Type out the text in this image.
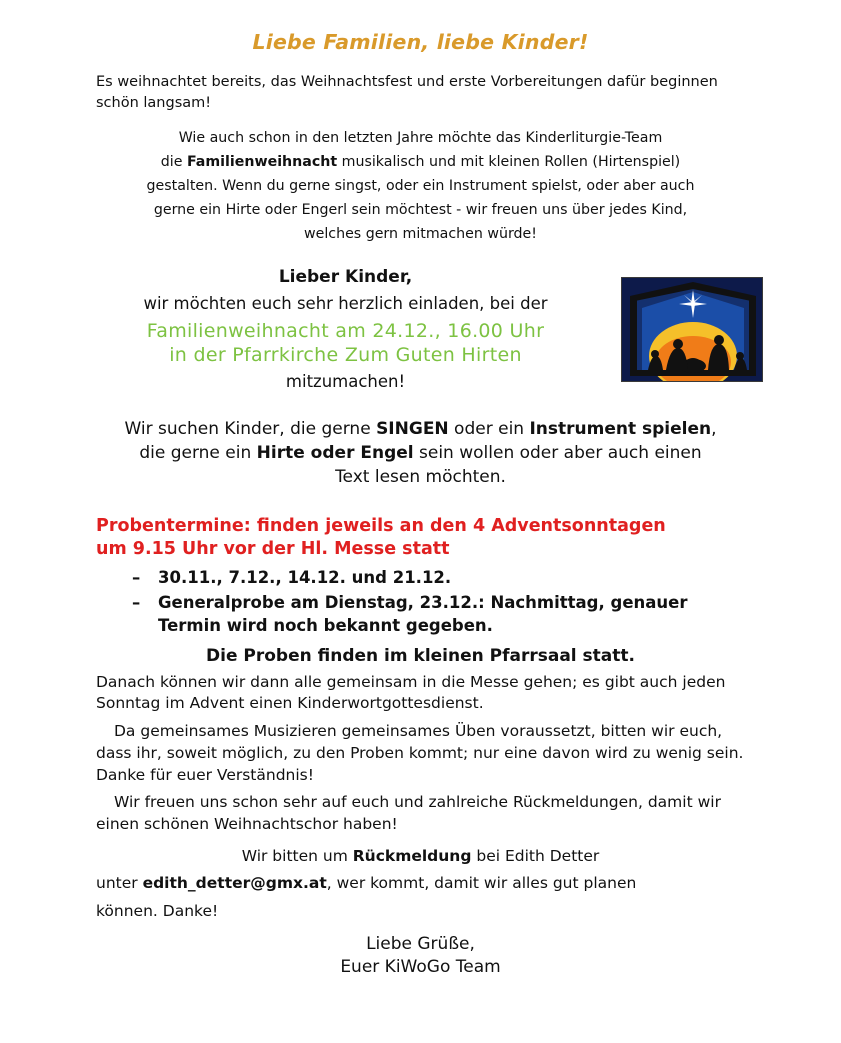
Liebe Familien, liebe Kinder!

Es weihnachtet bereits, das Weihnachtsfest und erste Vorbereitungen dafür beginnen schön langsam!

Wie auch schon in den letzten Jahre möchte das Kinderliturgie-Team
die Familienweihnacht musikalisch und mit kleinen Rollen (Hirtenspiel)
gestalten. Wenn du gerne singst, oder ein Instrument spielst, oder aber auch
gerne ein Hirte oder Engerl sein möchtest - wir freuen uns über jedes Kind,
welches gern mitmachen würde!
Lieber Kinder,
wir möchten euch sehr herzlich einladen, bei der
Familienweihnacht am 24.12., 16.00 Uhr
in der Pfarrkirche Zum Guten Hirten
mitzumachen!
Wir suchen Kinder, die gerne SINGEN oder ein Instrument spielen,
die gerne ein Hirte oder Engel sein wollen oder aber auch einen
Text lesen möchten.
Probentermine: finden jeweils an den 4 Adventsonntagen
um 9.15 Uhr vor der Hl. Messe statt
– 30.11., 7.12., 14.12. und 21.12.
– Generalprobe am Dienstag, 23.12.: Nachmittag, genauer Termin wird noch bekannt gegeben.
Die Proben finden im kleinen Pfarrsaal statt.

Danach können wir dann alle gemeinsam in die Messe gehen; es gibt auch jeden Sonntag im Advent einen Kinderwortgottesdienst.

Da gemeinsames Musizieren gemeinsames Üben voraussetzt, bitten wir euch, dass ihr, soweit möglich, zu den Proben kommt; nur eine davon wird zu wenig sein.    Danke für euer Verständnis!

Wir freuen uns schon sehr auf euch und zahlreiche Rückmeldungen, damit wir einen schönen Weihnachtschor haben!

Wir bitten um Rückmeldung bei Edith Detter
unter edith_detter@gmx.at, wer kommt, damit wir alles gut planen
können. Danke!
Liebe Grüße,
Euer KiWoGo Team
